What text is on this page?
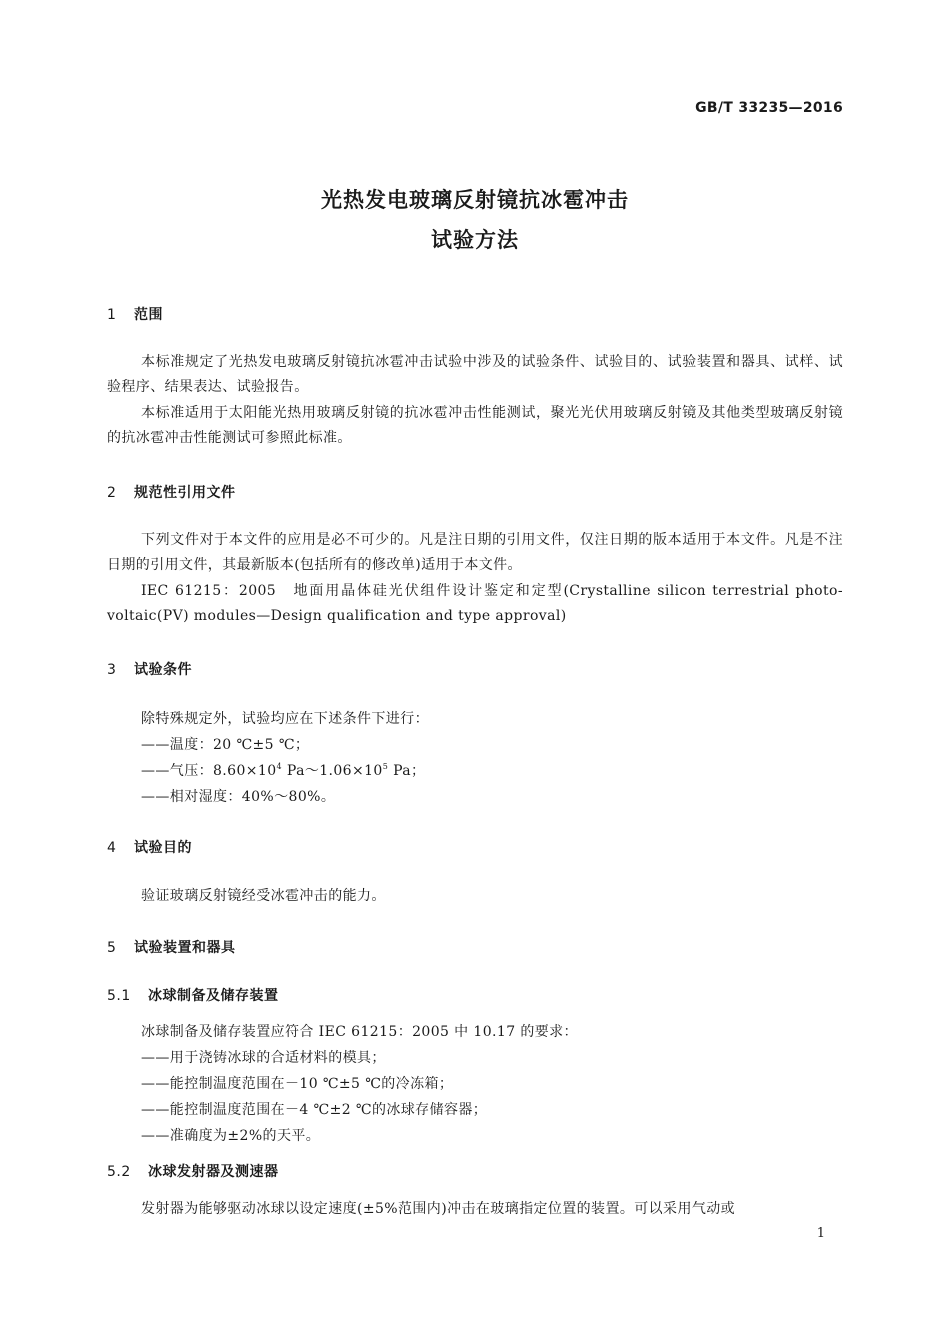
GB/T 33235—2016
光热发电玻璃反射镜抗冰雹冲击
试验方法
1 范围
本标准规定了光热发电玻璃反射镜抗冰雹冲击试验中涉及的试验条件、试验目的、试验装置和器具、试样、试验程序、结果表达、试验报告。
本标准适用于太阳能光热用玻璃反射镜的抗冰雹冲击性能测试，聚光光伏用玻璃反射镜及其他类型玻璃反射镜的抗冰雹冲击性能测试可参照此标准。
2 规范性引用文件
下列文件对于本文件的应用是必不可少的。凡是注日期的引用文件，仅注日期的版本适用于本文件。凡是不注日期的引用文件，其最新版本(包括所有的修改单)适用于本文件。
IEC 61215：2005　地面用晶体硅光伏组件设计鉴定和定型(Crystalline silicon terrestrial photo-voltaic(PV) modules—Design qualification and type approval)
3 试验条件
除特殊规定外，试验均应在下述条件下进行：
——温度：20 ℃±5 ℃；
——气压：$8.60\times 10^4$ $Pa\sim 1.06\times 10^5$ Pa；
——相对湿度：40%～80%。
4 试验目的
验证玻璃反射镜经受冰雹冲击的能力。
5 试验装置和器具
5.1 冰球制备及储存装置
冰球制备及储存装置应符合 IEC 61215：2005 中 10.17 的要求：
——用于浇铸冰球的合适材料的模具；
——能控制温度范围在－10 ℃±5 ℃的冷冻箱；
——能控制温度范围在－4 ℃±2 ℃的冰球存储容器；
——准确度为±2%的天平。
5.2 冰球发射器及测速器
发射器为能够驱动冰球以设定速度(±5%范围内)冲击在玻璃指定位置的装置。可以采用气动或
1
